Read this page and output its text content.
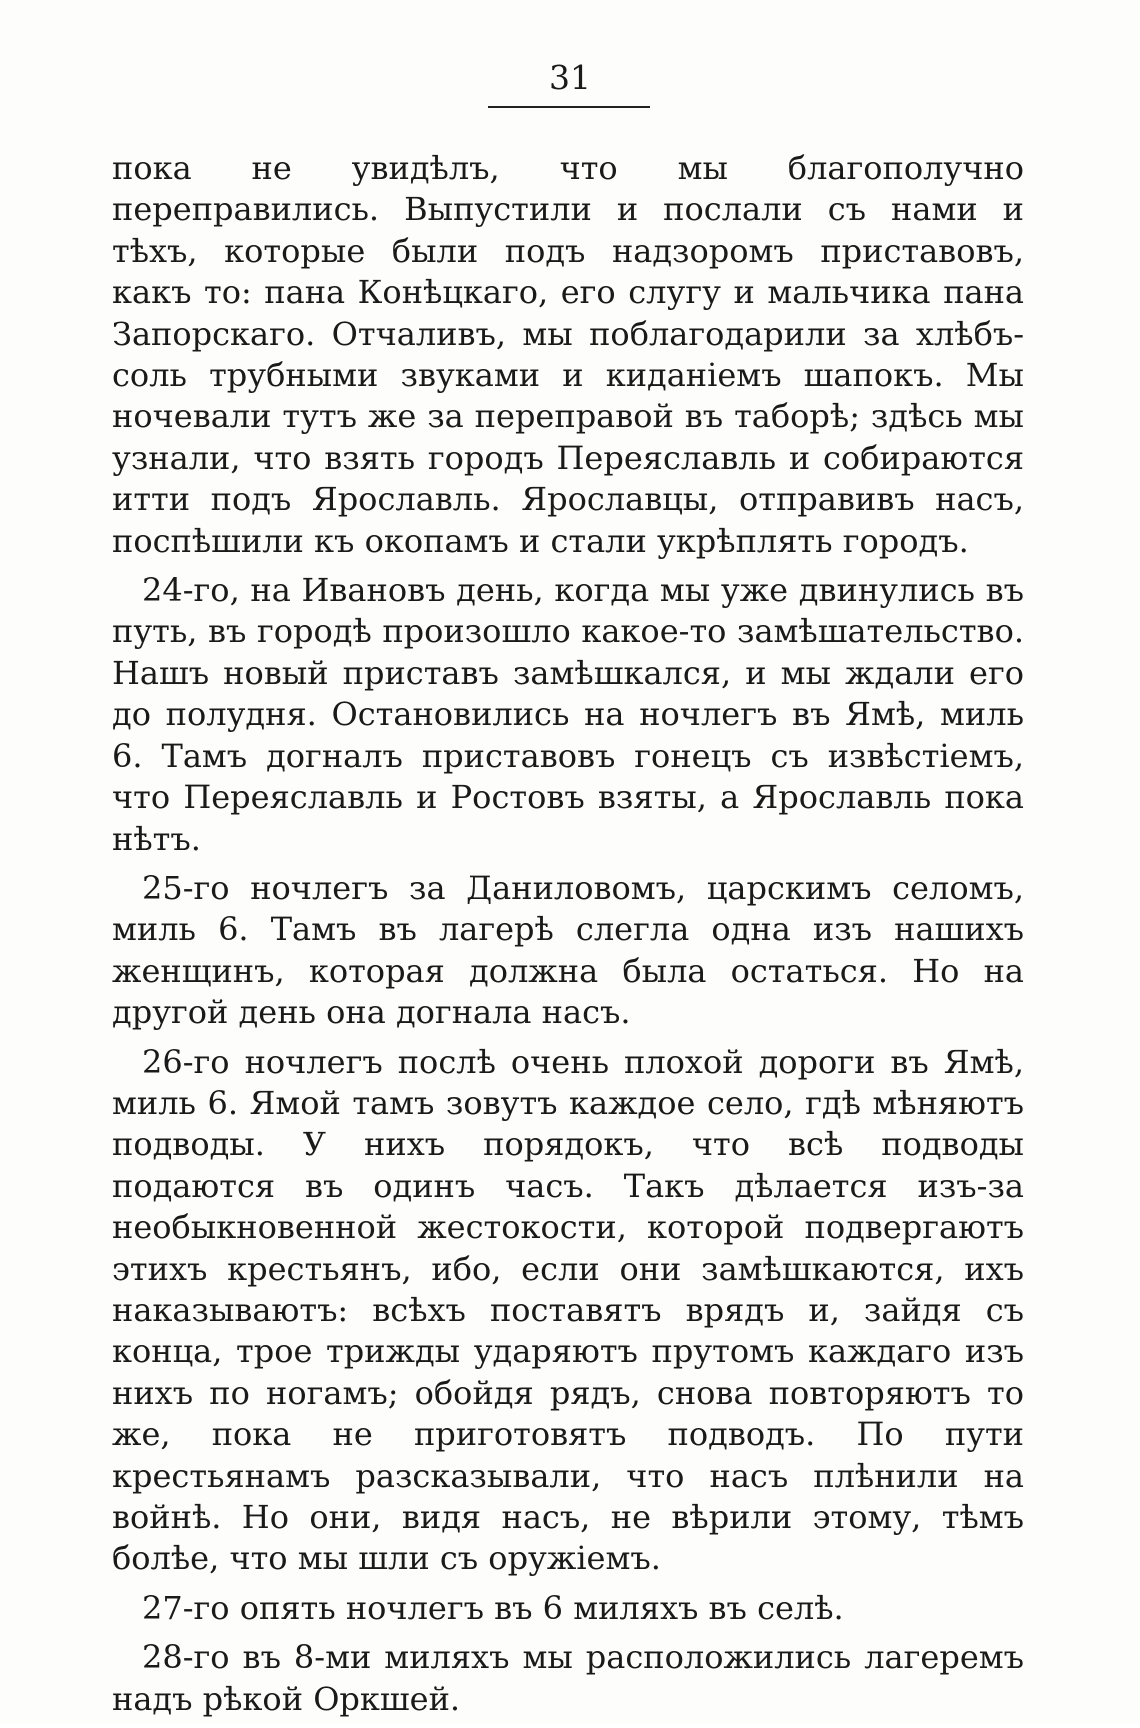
31

пока не увидѣлъ, что мы благополучно переправились. Выпустили и послали съ нами и тѣхъ, которые были подъ надзоромъ приставовъ, какъ то: пана Конѣцкаго, его слугу и мальчика пана Запорскаго. Отчаливъ, мы поблагодарили за хлѣбъ-соль трубными звуками и киданіемъ шапокъ. Мы ночевали тутъ же за переправой въ таборѣ; здѣсь мы узнали, что взять городъ Переяславль и собираются итти подъ Ярославль. Ярославцы, отправивъ насъ, поспѣшили къ окопамъ и стали укрѣплять городъ.

24-го, на Ивановъ день, когда мы уже двинулись въ путь, въ городѣ произошло какое-то замѣшательство. Нашъ новый приставъ замѣшкался, и мы ждали его до полудня. Остановились на ночлегъ въ Ямѣ, миль 6. Тамъ догналъ приставовъ гонецъ съ извѣстіемъ, что Переяславль и Ростовъ взяты, а Ярославль пока нѣтъ.

25-го ночлегъ за Даниловомъ, царскимъ селомъ, миль 6. Тамъ въ лагерѣ слегла одна изъ нашихъ женщинъ, которая должна была остаться. Но на другой день она догнала насъ.

26-го ночлегъ послѣ очень плохой дороги въ Ямѣ, миль 6. Ямой тамъ зовутъ каждое село, гдѣ мѣняютъ подводы. У нихъ порядокъ, что всѣ подводы подаются въ одинъ часъ. Такъ дѣлается изъ-за необыкновенной жестокости, которой подвергаютъ этихъ крестьянъ, ибо, если они замѣшкаются, ихъ наказываютъ: всѣхъ поставятъ врядъ и, зайдя съ конца, трое трижды ударяютъ прутомъ каждаго изъ нихъ по ногамъ; обойдя рядъ, снова повторяютъ то же, пока не приготовятъ подводъ. По пути крестьянамъ разсказывали, что насъ плѣнили на войнѣ. Но они, видя насъ, не вѣрили этому, тѣмъ болѣе, что мы шли съ оружіемъ.

27-го опять ночлегъ въ 6 миляхъ въ селѣ.

28-го въ 8-ми миляхъ мы расположились лагеремъ надъ рѣкой Оркшей.
